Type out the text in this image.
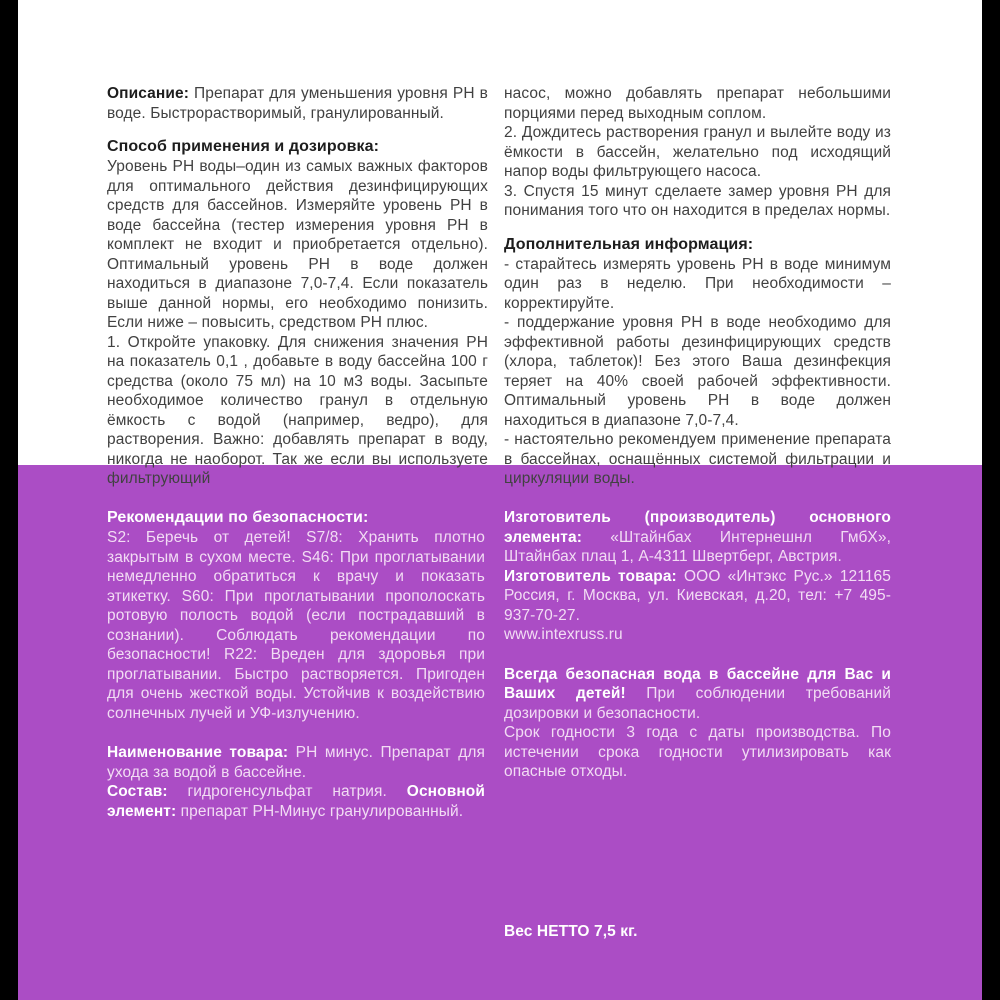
Описание: Препарат для уменьшения уровня РН в воде. Быстрорастворимый, гранулированный.

Способ применения и дозировка:

Уровень РН воды–один из самых важных факторов для оптимального действия дезинфицирующих средств для бассейнов. Измеряйте уровень РН в воде бассейна (тестер измерения уровня РН в комплект не входит и приобретается отдельно). Оптимальный уровень РН в воде должен находиться в диапазоне 7,0-7,4. Если показатель выше данной нормы, его необходимо понизить. Если ниже – повысить, средством РН плюс.

1. Откройте упаковку. Для снижения значения РН на показатель 0,1 , добавьте в воду бассейна 100 г средства (около 75 мл) на 10 м3 воды. Засыпьте необходимое количество гранул в отдельную ёмкость с водой (например, ведро), для растворения. Важно: добавлять препарат в воду, никогда не наоборот. Так же если вы используете фильтрующий

насос, можно добавлять препарат небольшими порциями перед выходным соплом.

2. Дождитесь растворения гранул и вылейте воду из ёмкости в бассейн, желательно под исходящий напор воды фильтрующего насоса.

3. Спустя 15 минут сделаете замер уровня РН для понимания того что он находится в пределах нормы.

Дополнительная информация:

- старайтесь измерять уровень РН в воде минимум один раз в неделю. При необходимости – корректируйте.

- поддержание уровня РН в воде необходимо для эффективной работы дезинфицирующих средств (хлора, таблеток)! Без этого Ваша дезинфекция теряет на 40% своей рабочей эффективности. Оптимальный уровень РН в воде должен находиться в диапазоне 7,0-7,4.

- настоятельно рекомендуем применение препарата в бассейнах, оснащённых системой фильтрации и циркуляции воды.

Рекомендации по безопасности:

S2: Беречь от детей! S7/8: Хранить плотно закрытым в сухом месте. S46: При проглатывании немедленно обратиться к врачу и показать этикетку. S60: При проглатывании прополоскать ротовую полость водой (если пострадавший в сознании). Соблюдать рекомендации по безопасности! R22: Вреден для здоровья при проглатывании. Быстро растворяется. Пригоден для очень жесткой воды. Устойчив к воздействию солнечных лучей и УФ-излучению.

Наименование товара: РН минус. Препарат для ухода за водой в бассейне.

Состав: гидрогенсульфат натрия. Основной элемент: препарат РН-Минус гранулированный.

Изготовитель (производитель) основного элемента: «Штайнбах Интернешнл ГмбХ», Штайнбах плац 1, А-4311 Швертберг, Австрия.

Изготовитель товара: ООО «Интэкс Рус.» 121165 Россия, г. Москва, ул. Киевская, д.20, тел: +7 495-937-70-27.

www.intexruss.ru

Всегда безопасная вода в бассейне для Вас и Ваших детей! При соблюдении требований дозировки и безопасности.

Срок годности 3 года с даты производства. По истечении срока годности утилизировать как опасные отходы.

Вес НЕТТО 7,5 кг.
